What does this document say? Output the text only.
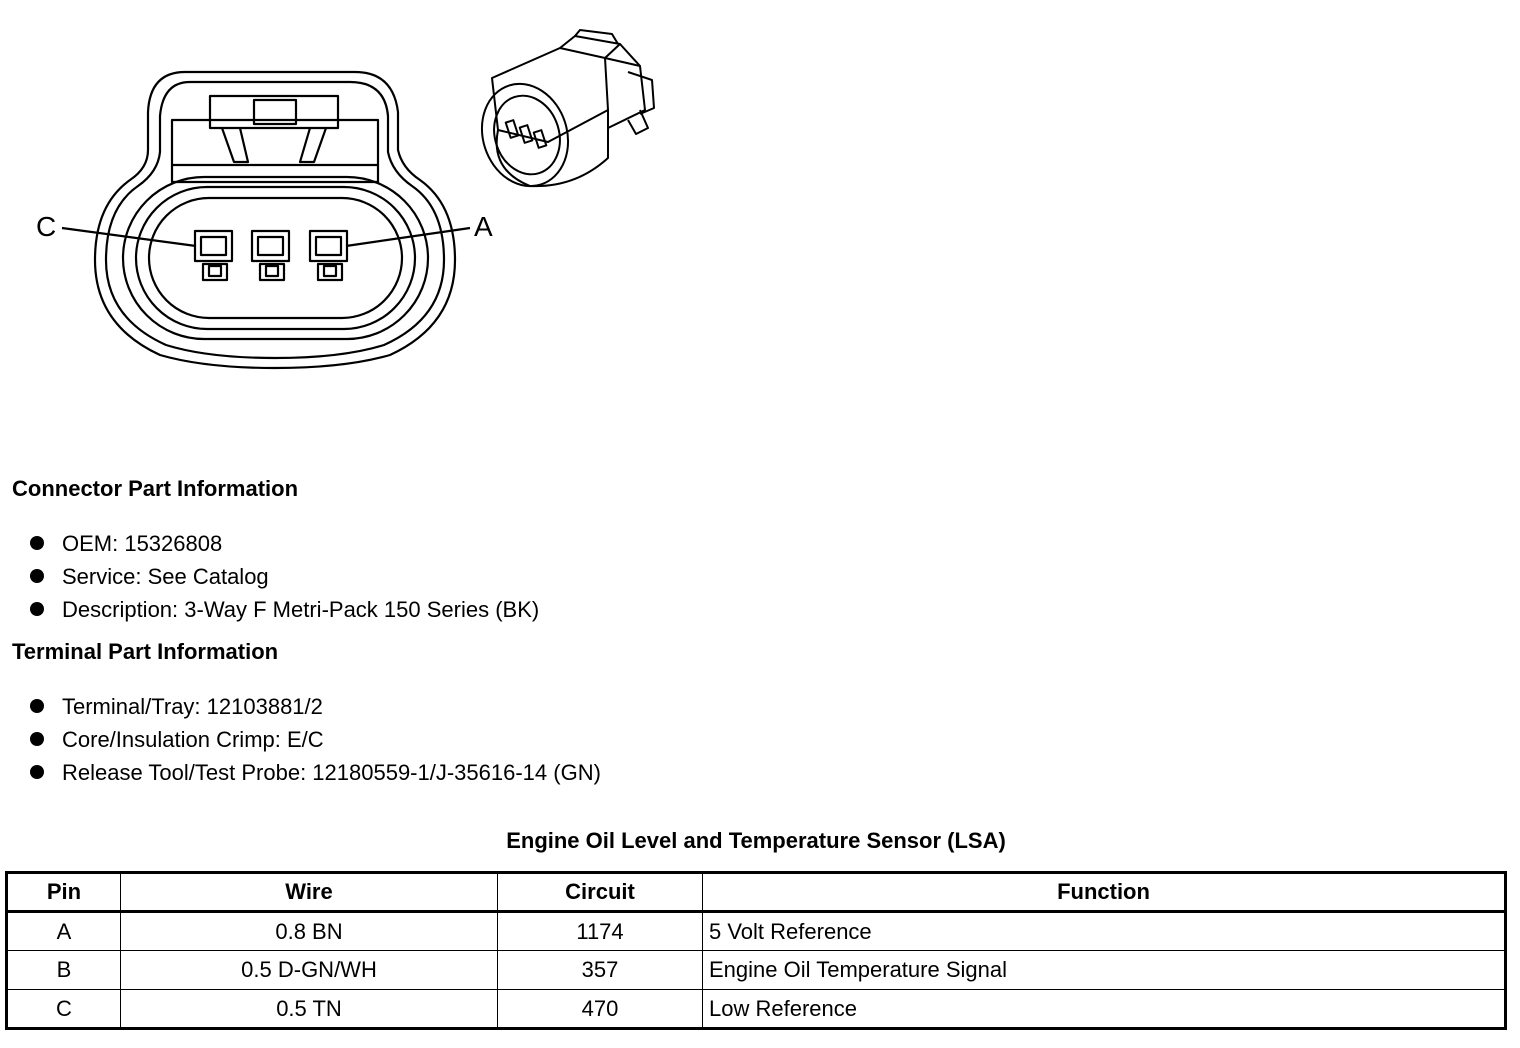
C	A
Connector Part Information
OEM: 15326808
Service: See Catalog
Description: 3-Way F Metri-Pack 150 Series (BK)
Terminal Part Information
Terminal/Tray: 12103881/2
Core/Insulation Crimp: E/C
Release Tool/Test Probe: 12180559-1/J-35616-14 (GN)
Engine Oil Level and Temperature Sensor (LSA)
Pin	Wire	Circuit	Function
A	0.8 BN	1174	5 Volt Reference
B	0.5 D-GN/WH	357	Engine Oil Temperature Signal
C	0.5 TN	470	Low Reference
